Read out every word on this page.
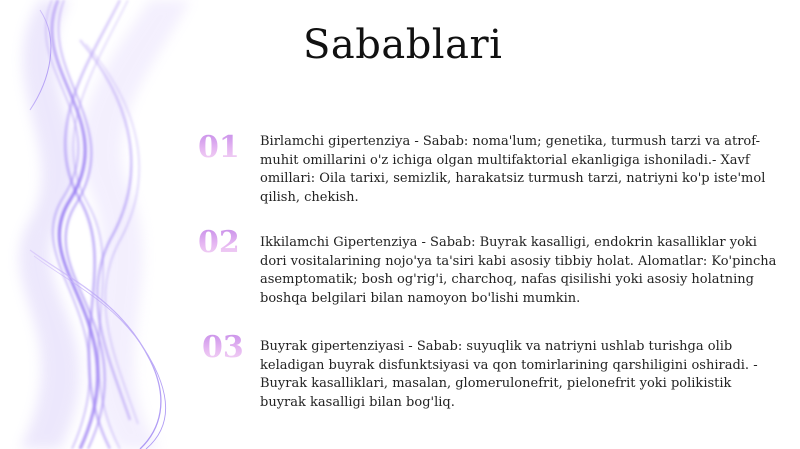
Sabablari
01 Birlamchi gipertenziya - Sabab: noma'lum; genetika, turmush tarzi va atrof-muhit omillarini o'z ichiga olgan multifaktorial ekanligiga ishoniladi.- Xavf omillari: Oila tarixi, semizlik, harakatsiz turmush tarzi, natriyni ko'p iste'mol qilish, chekish.
02 Ikkilamchi Gipertenziya - Sabab: Buyrak kasalligi, endokrin kasalliklar yoki dori vositalarining nojo'ya ta'siri kabi asosiy tibbiy holat. Alomatlar: Ko'pincha asemptomatik; bosh og'rig'i, charchoq, nafas qisilishi yoki asosiy holatning boshqa belgilari bilan namoyon bo'lishi mumkin.
03 Buyrak gipertenziyasi - Sabab: suyuqlik va natriyni ushlab turishga olib keladigan buyrak disfunktsiyasi va qon tomirlarining qarshiligini oshiradi. - Buyrak kasalliklari, masalan, glomerulonefrit, pielonefrit yoki polikistik buyrak kasalligi bilan bog'liq.
